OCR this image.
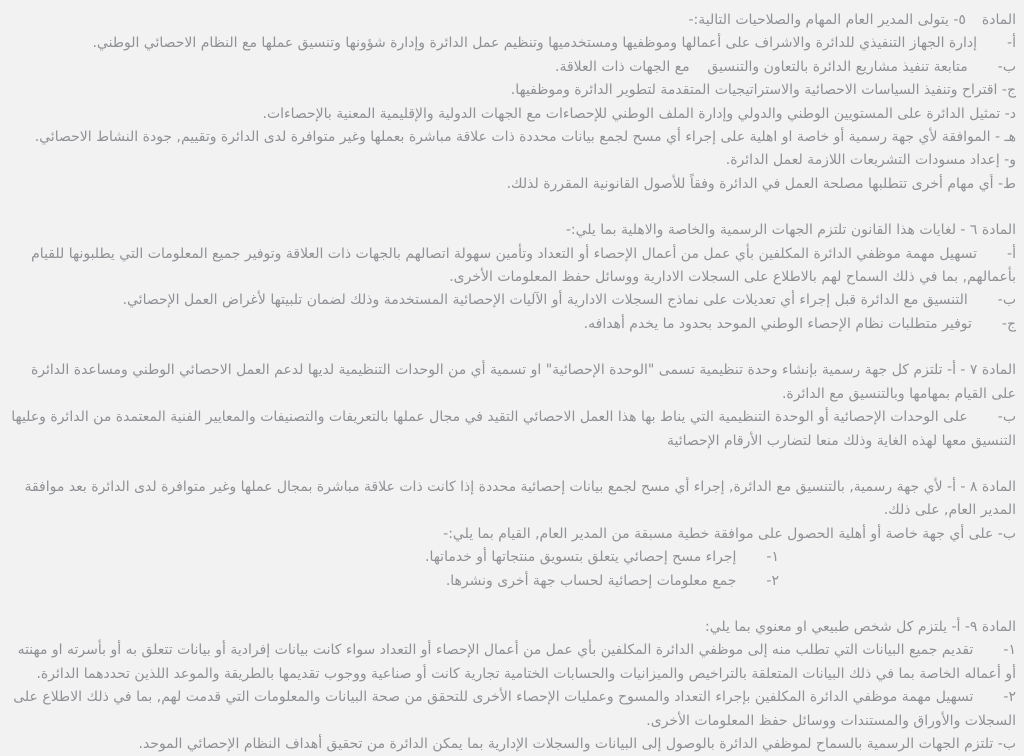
المادة٥- يتولى المدير العام المهام والصلاحيات التالية:-

أ-إدارة الجهاز التنفيذي للدائرة والاشراف على أعمالها وموظفيها ومستخدميها وتنظيم عمل الدائرة وإدارة شؤونها وتنسيق عملها مع النظام الاحصائي الوطني.

ب-متابعة تنفيذ مشاريع الدائرة بالتعاون والتنسيق    مع الجهات ذات العلاقة.

ج- اقتراح وتنفيذ السياسات الاحصائية والاستراتيجيات المتقدمة لتطوير الدائرة وموظفيها.

د- تمثيل الدائرة على المستويين الوطني والدولي وإدارة الملف الوطني للإحصاءات مع الجهات الدولية والإقليمية المعنية بالإحصاءات.

هـ - الموافقة لأي جهة رسمية أو خاصة او اهلية على إجراء أي مسح لجمع بيانات محددة ذات علاقة مباشرة بعملها وغير متوافرة لدى الدائرة وتقييم, جودة النشاط الاحصائي.

و- إعداد مسودات التشريعات اللازمة لعمل الدائرة.

ط- أي مهام أخرى تتطلبها مصلحة العمل في الدائرة وفقاً للأصول القانونية المقررة لذلك.

المادة ٦ - لغايات هذا القانون تلتزم الجهات الرسمية والخاصة والاهلية بما يلي:-

أ-تسهيل مهمة موظفي الدائرة المكلفين بأي عمل من أعمال الإحصاء أو التعداد وتأمين سهولة اتصالهم بالجهات ذات العلاقة وتوفير جميع المعلومات التي يطلبونها للقيام بأعمالهم, بما في ذلك السماح لهم بالاطلاع على السجلات الادارية ووسائل حفظ المعلومات الأخرى.

ب-التنسيق مع الدائرة قبل إجراء أي تعديلات على نماذج السجلات الادارية أو الآليات الإحصائية المستخدمة وذلك لضمان تلبيتها لأغراض العمل الإحصائي.

ج-توفير متطلبات نظام الإحصاء الوطني الموحد بحدود ما يخدم أهدافه.

المادة ٧ - أ- تلتزم كل جهة رسمية بإنشاء وحدة تنظيمية تسمى "الوحدة الإحصائية" او تسمية أي من الوحدات التنظيمية لديها لدعم العمل الاحصائي الوطني ومساعدة الدائرة على القيام بمهامها وبالتنسيق مع الدائرة.

ب-على الوحدات الإحصائية أو الوحدة التنظيمية التي يناط بها هذا العمل الاحصائي التقيد في مجال عملها بالتعريفات والتصنيفات والمعايير الفنية المعتمدة من الدائرة وعليها التنسيق معها لهذه الغاية وذلك منعا لتضارب الأرقام الإحصائية

المادة ٨ - أ- لأي جهة رسمية, بالتنسيق مع الدائرة, إجراء أي مسح لجمع بيانات إحصائية محددة إذا كانت ذات علاقة مباشرة بمجال عملها وغير متوافرة لدى الدائرة بعد موافقة المدير العام, على ذلك.

ب- على أي جهة خاصة أو أهلية الحصول على موافقة خطية مسبقة من المدير العام, القيام بما يلي:-

١-إجراء مسح إحصائي يتعلق بتسويق منتجاتها أو خدماتها.

٢-جمع معلومات إحصائية لحساب جهة أخرى ونشرها.

المادة ٩- أ- يلتزم كل شخص طبيعي او معنوي بما يلي:

١-تقديم جميع البيانات التي تطلب منه إلى موظفي الدائرة المكلفين بأي عمل من أعمال الإحصاء أو التعداد سواء كانت بيانات إفرادية أو بيانات تتعلق به أو بأسرته او مهنته أو أعماله الخاصة بما في ذلك البيانات المتعلقة بالتراخيص والميزانيات والحسابات الختامية تجارية كانت أو صناعية ووجوب تقديمها بالطريقة والموعد اللذين تحددهما الدائرة.

٢-تسهيل مهمة موظفي الدائرة المكلفين بإجراء التعداد والمسوح وعمليات الإحصاء الأخرى للتحقق من صحة البيانات والمعلومات التي قدمت لهم, بما في ذلك الاطلاع على السجلات والأوراق والمستندات ووسائل حفظ المعلومات الأخرى.

ب- تلتزم الجهات الرسمية بالسماح لموظفي الدائرة بالوصول إلى البيانات والسجلات الإدارية بما يمكن الدائرة من تحقيق أهداف النظام الإحصائي الموحد.
